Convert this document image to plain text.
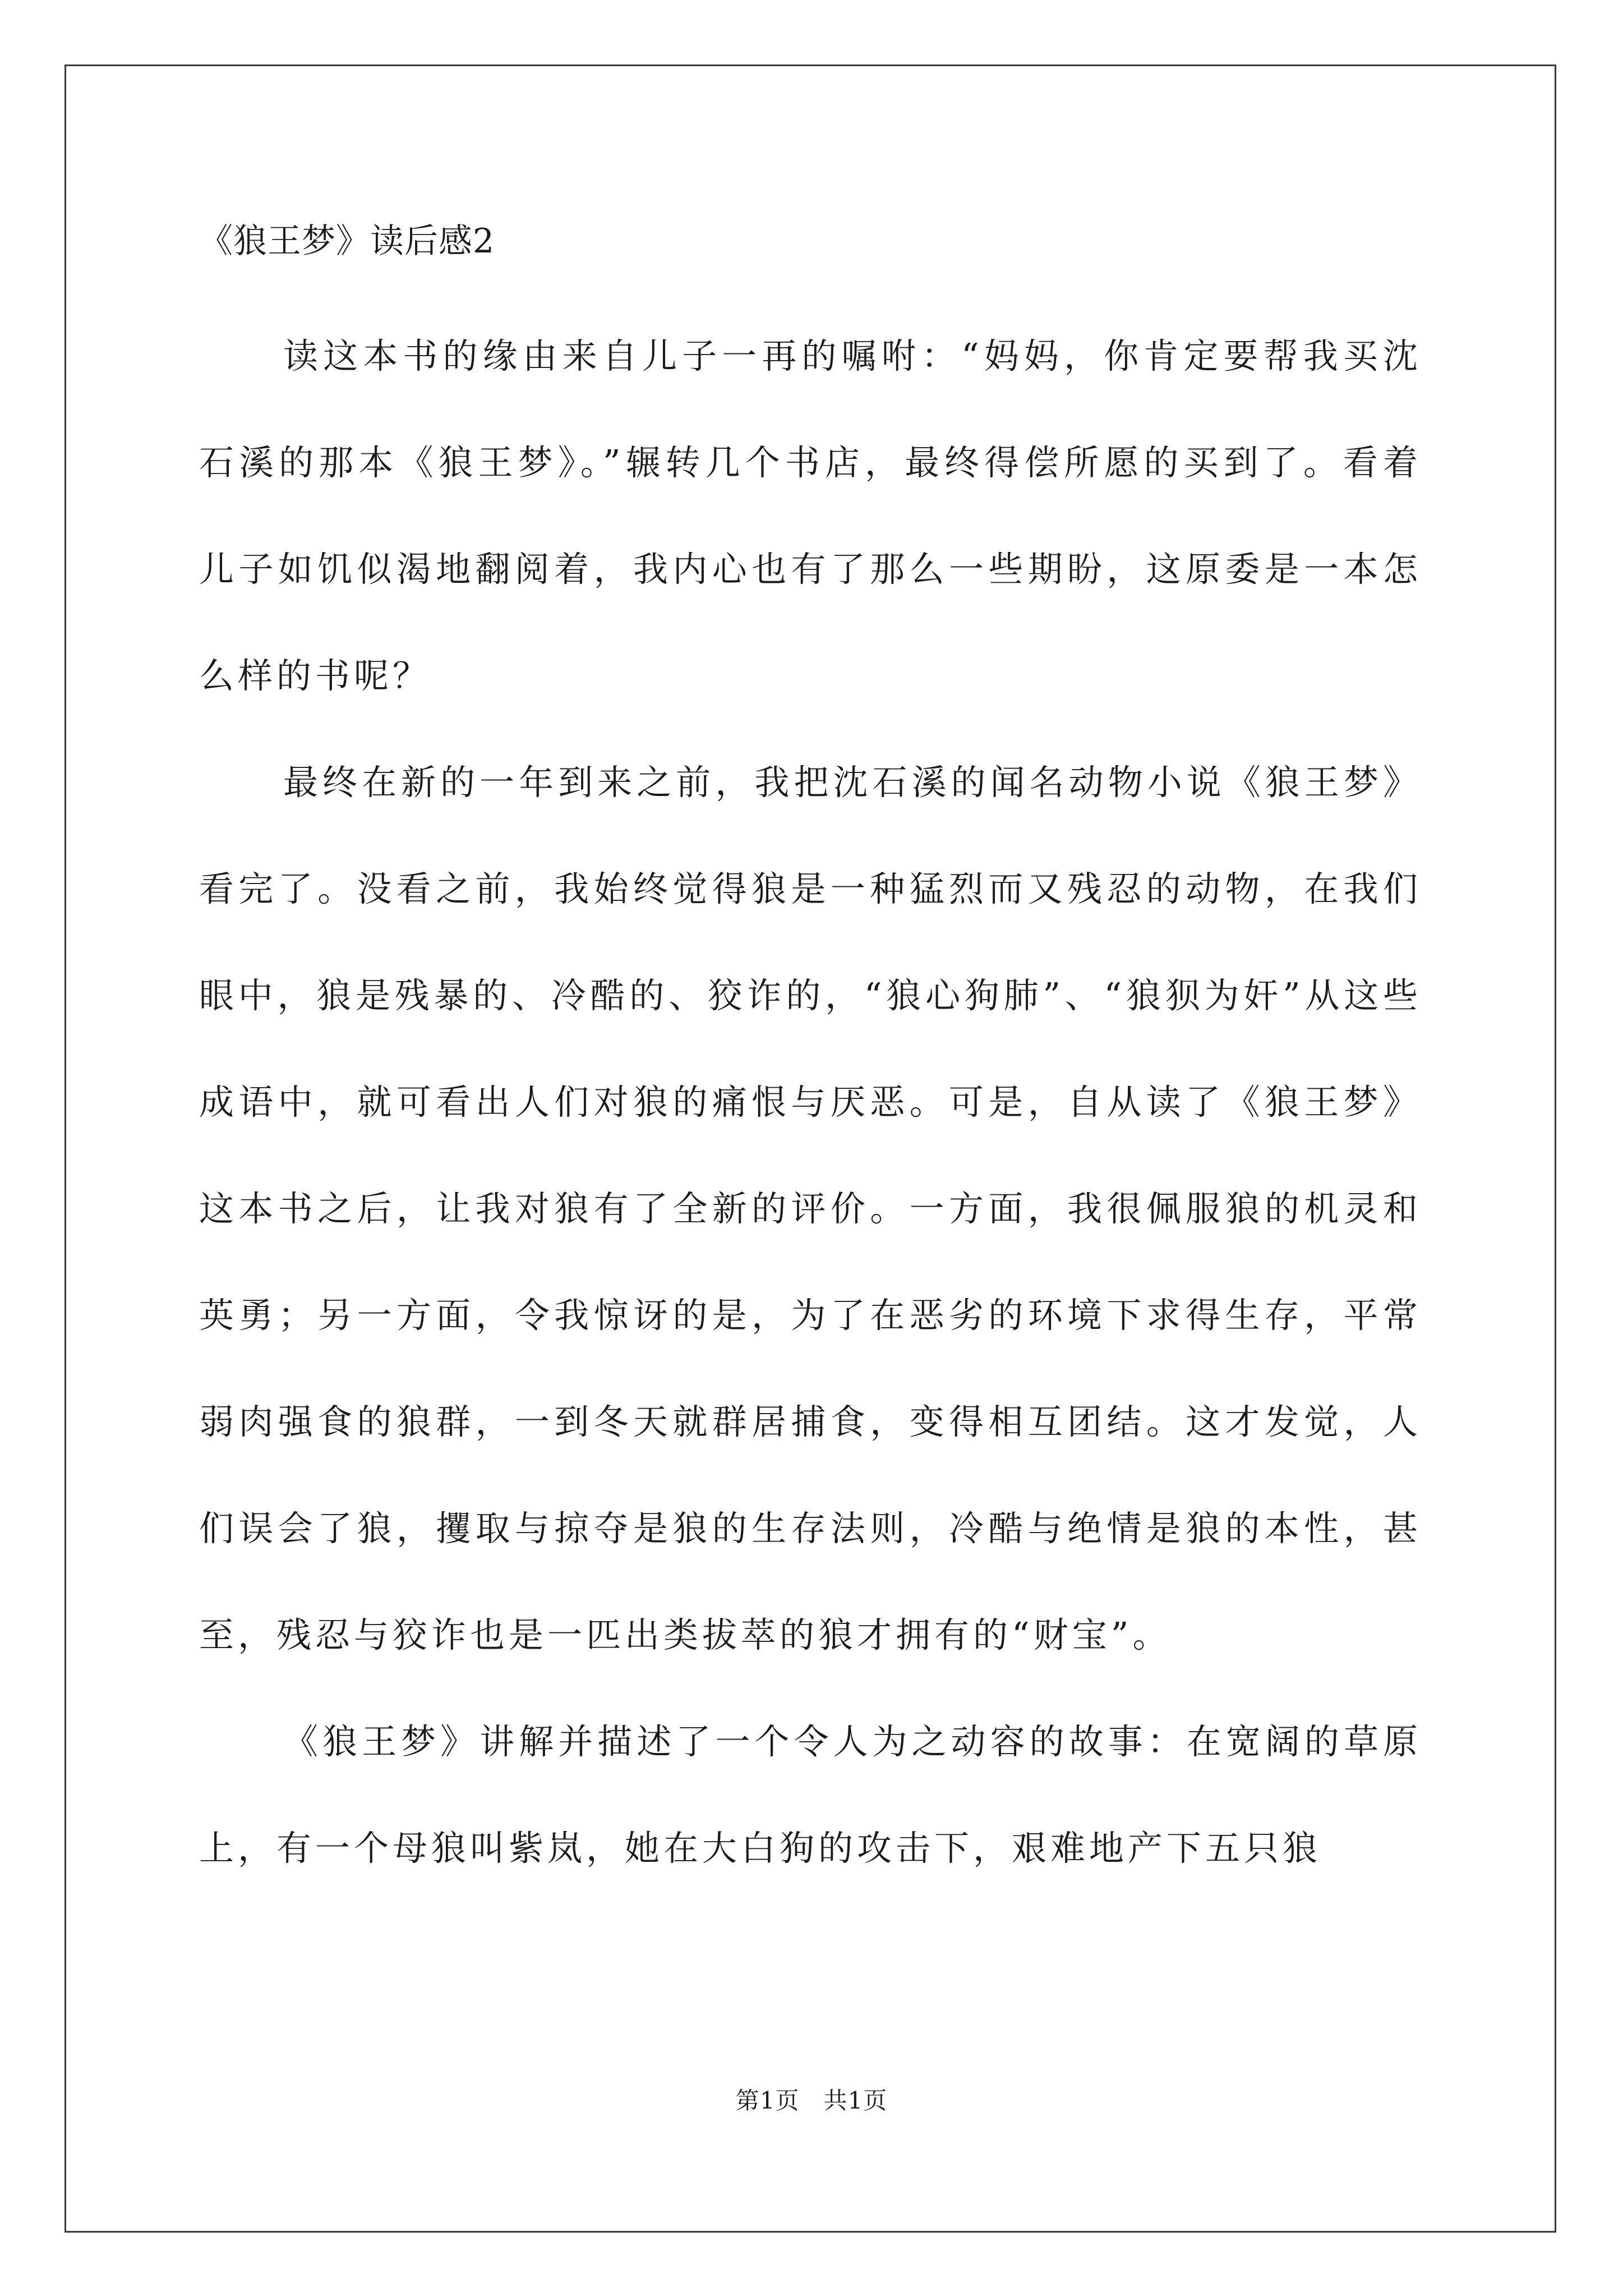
《狼王梦》读后感2

读这本书的缘由来自儿子一再的嘱咐：“妈妈，你肯定要帮我买沈石溪的那本《狼王梦》。”辗转几个书店，最终得偿所愿的买到了。看着儿子如饥似渴地翻阅着，我内心也有了那么一些期盼，这原委是一本怎么样的书呢？

最终在新的一年到来之前，我把沈石溪的闻名动物小说《狼王梦》看完了。没看之前，我始终觉得狼是一种猛烈而又残忍的动物，在我们眼中，狼是残暴的、冷酷的、狡诈的，“狼心狗肺”、“狼狈为奸”从这些成语中，就可看出人们对狼的痛恨与厌恶。可是，自从读了《狼王梦》这本书之后，让我对狼有了全新的评价。一方面，我很佩服狼的机灵和英勇；另一方面，令我惊讶的是，为了在恶劣的环境下求得生存，平常弱肉强食的狼群，一到冬天就群居捕食，变得相互团结。这才发觉，人们误会了狼，攫取与掠夺是狼的生存法则，冷酷与绝情是狼的本性，甚至，残忍与狡诈也是一匹出类拔萃的狼才拥有的“财宝”。

《狼王梦》讲解并描述了一个令人为之动容的故事：在宽阔的草原上，有一个母狼叫紫岚，她在大白狗的攻击下，艰难地产下五只狼

第1页   共1页
